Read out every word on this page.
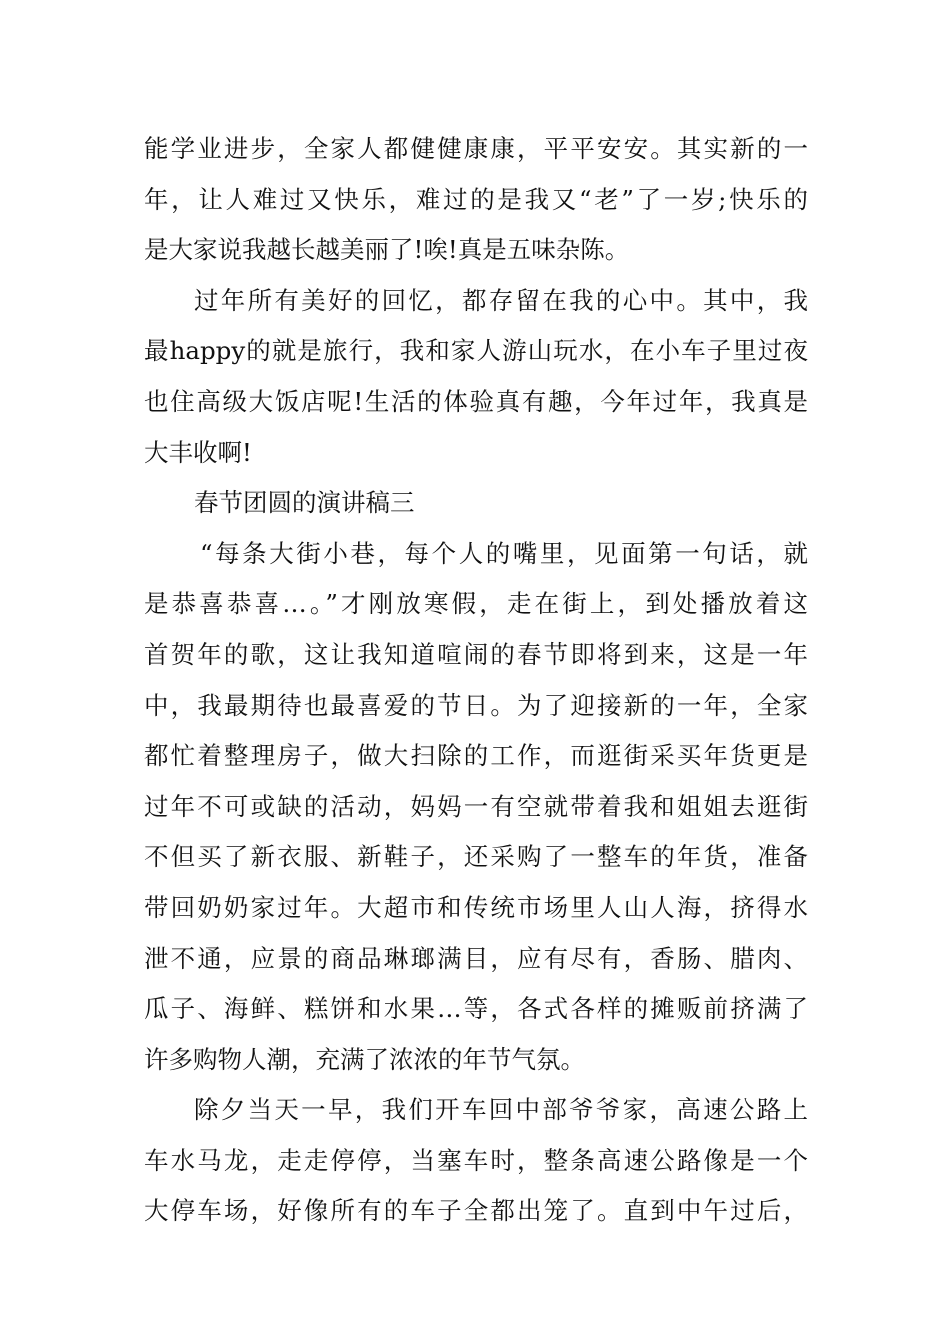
能学业进步，全家人都健健康康，平平安安。其实新的一
年，让人难过又快乐，难过的是我又“老”了一岁;快乐的
是大家说我越长越美丽了!唉!真是五味杂陈。
过年所有美好的回忆，都存留在我的心中。其中，我
最happy的就是旅行，我和家人游山玩水，在小车子里过夜
也住高级大饭店呢!生活的体验真有趣，今年过年，我真是
大丰收啊!
春节团圆的演讲稿三
“每条大街小巷，每个人的嘴里，见面第一句话，就
是恭喜恭喜…。”才刚放寒假，走在街上，到处播放着这
首贺年的歌，这让我知道喧闹的春节即将到来，这是一年
中，我最期待也最喜爱的节日。为了迎接新的一年，全家
都忙着整理房子，做大扫除的工作，而逛街采买年货更是
过年不可或缺的活动，妈妈一有空就带着我和姐姐去逛街
不但买了新衣服、新鞋子，还采购了一整车的年货，准备
带回奶奶家过年。大超市和传统市场里人山人海，挤得水
泄不通，应景的商品琳瑯满目，应有尽有，香肠、腊肉、
瓜子、海鲜、糕饼和水果…等，各式各样的摊贩前挤满了
许多购物人潮，充满了浓浓的年节气氛。
除夕当天一早，我们开车回中部爷爷家，高速公路上
车水马龙，走走停停，当塞车时，整条高速公路像是一个
大停车场，好像所有的车子全都出笼了。直到中午过后，
